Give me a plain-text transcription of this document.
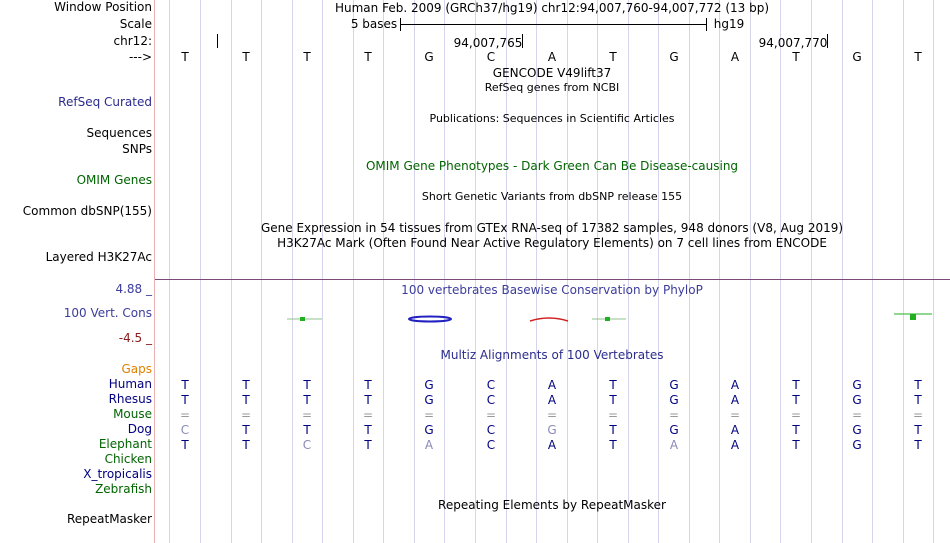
Window Position	Human Feb. 2009 (GRCh37/hg19) chr12:94,007,760-94,007,772 (13 bp)
Scale	5 bases	hg19
chr12:	94,007,765	94,007,770
--->	T	T	T	T	G	C	A	T	G	A	T	G	T
GENCODE V49lift37
RefSeq genes from NCBI
RefSeq Curated
Publications: Sequences in Scientific Articles
Sequences
SNPs
OMIM Gene Phenotypes - Dark Green Can Be Disease-causing
OMIM Genes
Short Genetic Variants from dbSNP release 155
Common dbSNP(155)
Gene Expression in 54 tissues from GTEx RNA-seq of 17382 samples, 948 donors (V8, Aug 2019)
H3K27Ac Mark (Often Found Near Active Regulatory Elements) on 7 cell lines from ENCODE
Layered H3K27Ac
4.88 _	100 vertebrates Basewise Conservation by PhyloP
100 Vert. Cons
-4.5 _
Multiz Alignments of 100 Vertebrates
Gaps
Human	T	T	T	T	G	C	A	T	G	A	T	G	T
Rhesus	T	T	T	T	G	C	A	T	G	A	T	G	T
Mouse =	=	=	=	=	=	=	=	=	=	=	=	=
Dog	C	T	T	T	G	C	G	T	G	A	T	G	T
Elephant	T	T	C	T	A	C	A	T	A	A	T	G	T
Chicken
X_tropicalis
Zebrafish
Repeating Elements by RepeatMasker
RepeatMasker
